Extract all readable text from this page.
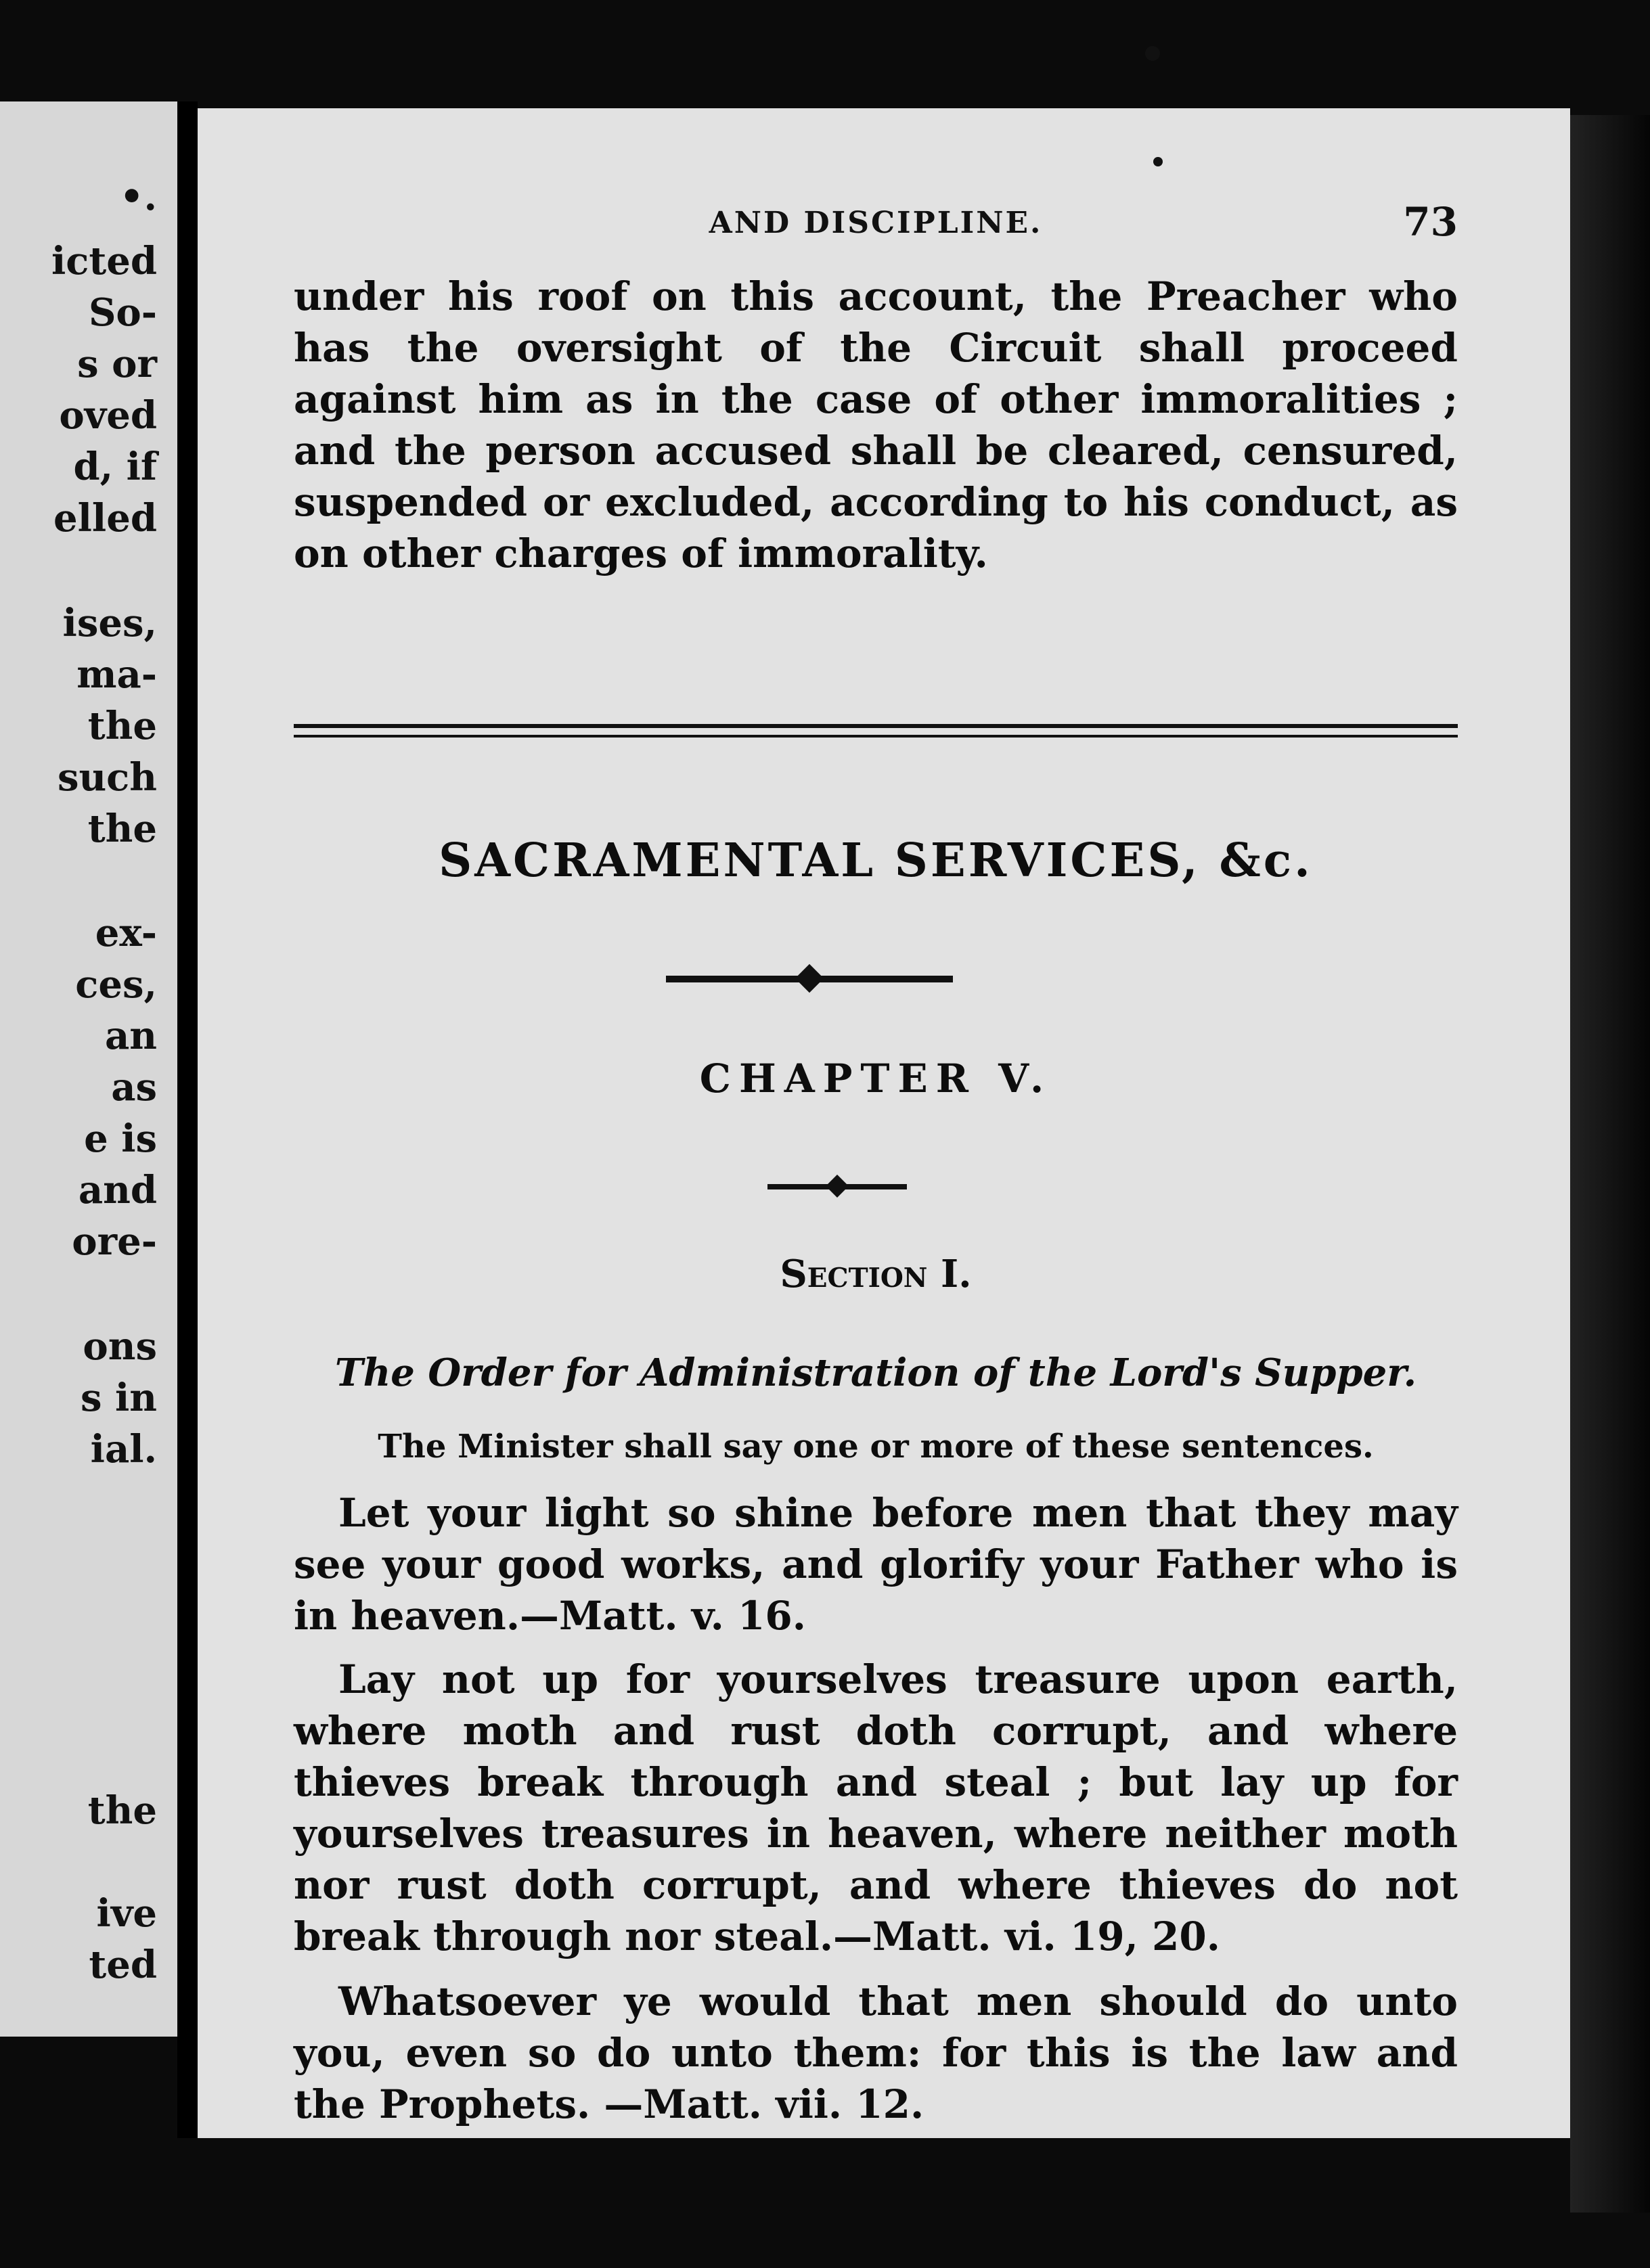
•.
icted
So-
s or
oved
d, if
elled
ises,
ma-
the
such
the
ex-
ces,
an
as
e is
and
ore-
ons
s in
ial.
the
ive
ted
AND DISCIPLINE.	73
under his roof on this account, the Preacher who has the oversight of the Circuit shall proceed against him as in the case of other immoralities ; and the person accused shall be cleared, censured, suspended or excluded, according to his conduct, as on other charges of immorality.
SACRAMENTAL SERVICES, &c.
CHAPTER V.
Section I.
The Order for Administration of the Lord's Supper.
The Minister shall say one or more of these sentences.
Let your light so shine before men that they may see your good works, and glorify your Father who is in heaven.—Matt. v. 16.
Lay not up for yourselves treasure upon earth, where moth and rust doth corrupt, and where thieves break through and steal ; but lay up for yourselves treasures in heaven, where neither moth nor rust doth corrupt, and where thieves do not break through nor steal.—Matt. vi. 19, 20.
Whatsoever ye would that men should do unto you, even so do unto them: for this is the law and the Prophets. —Matt. vii. 12.
